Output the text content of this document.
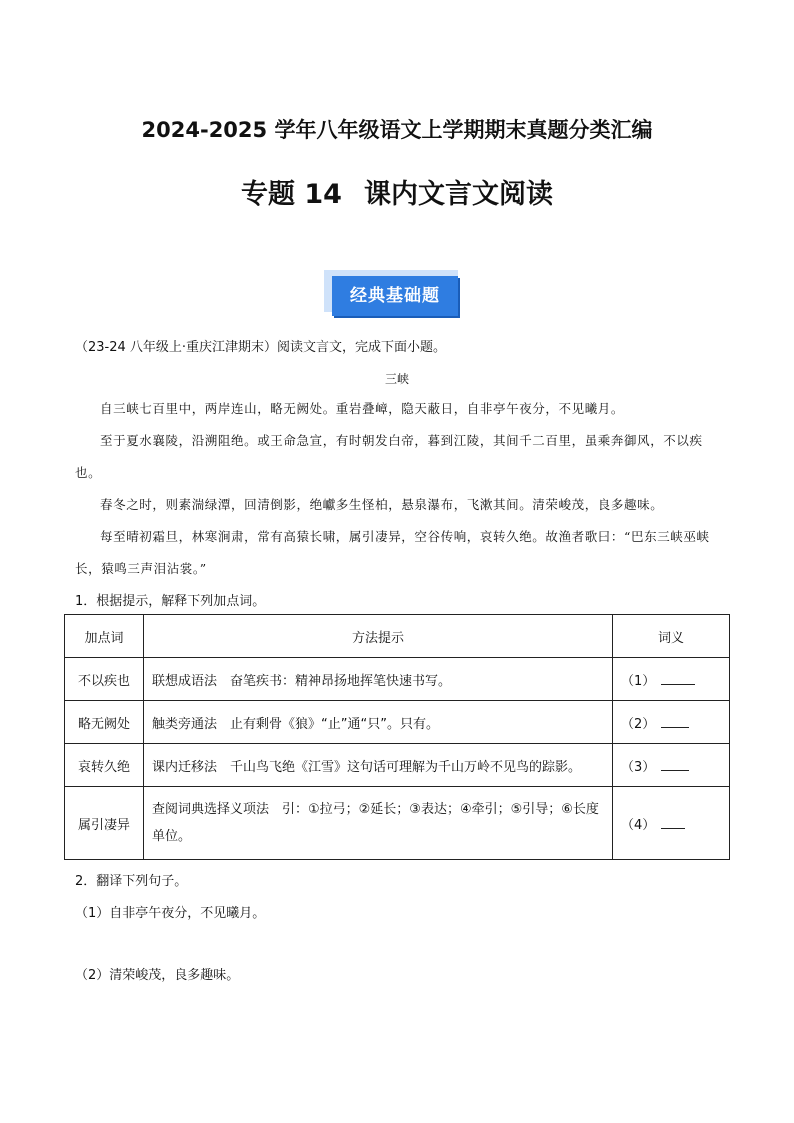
2024-2025 学年八年级语文上学期期末真题分类汇编
专题 14 课内文言文阅读
经典基础题
（23-24 八年级上·重庆江津期末）阅读文言文，完成下面小题。
三峡
自三峡七百里中，两岸连山，略无阙处。重岩叠嶂，隐天蔽日，自非亭午夜分，不见曦月。
至于夏水襄陵，沿溯阻绝。或王命急宣，有时朝发白帝，暮到江陵，其间千二百里，虽乘奔御风，不以疾也。
春冬之时，则素湍绿潭，回清倒影，绝巘多生怪柏，悬泉瀑布，飞漱其间。清荣峻茂，良多趣味。
每至晴初霜旦，林寒涧肃，常有高猿长啸，属引凄异，空谷传响，哀转久绝。故渔者歌曰：“巴东三峡巫峡长，猿鸣三声泪沾裳。”
1．根据提示，解释下列加点词。
加点词	方法提示	词义
不以疾也	联想成语法　奋笔疾书：精神昂扬地挥笔快速书写。	（1）
略无阙处	触类旁通法　止有剩骨《狼》“止”通“只”。只有。	（2）
哀转久绝	课内迁移法　千山鸟飞绝《江雪》这句话可理解为千山万岭不见鸟的踪影。	（3）
属引凄异	查阅词典选择义项法　引：①拉弓；②延长；③表达；④牵引；⑤引导；⑥长度单位。	（4）
2．翻译下列句子。
（1）自非亭午夜分，不见曦月。
（2）清荣峻茂，良多趣味。
